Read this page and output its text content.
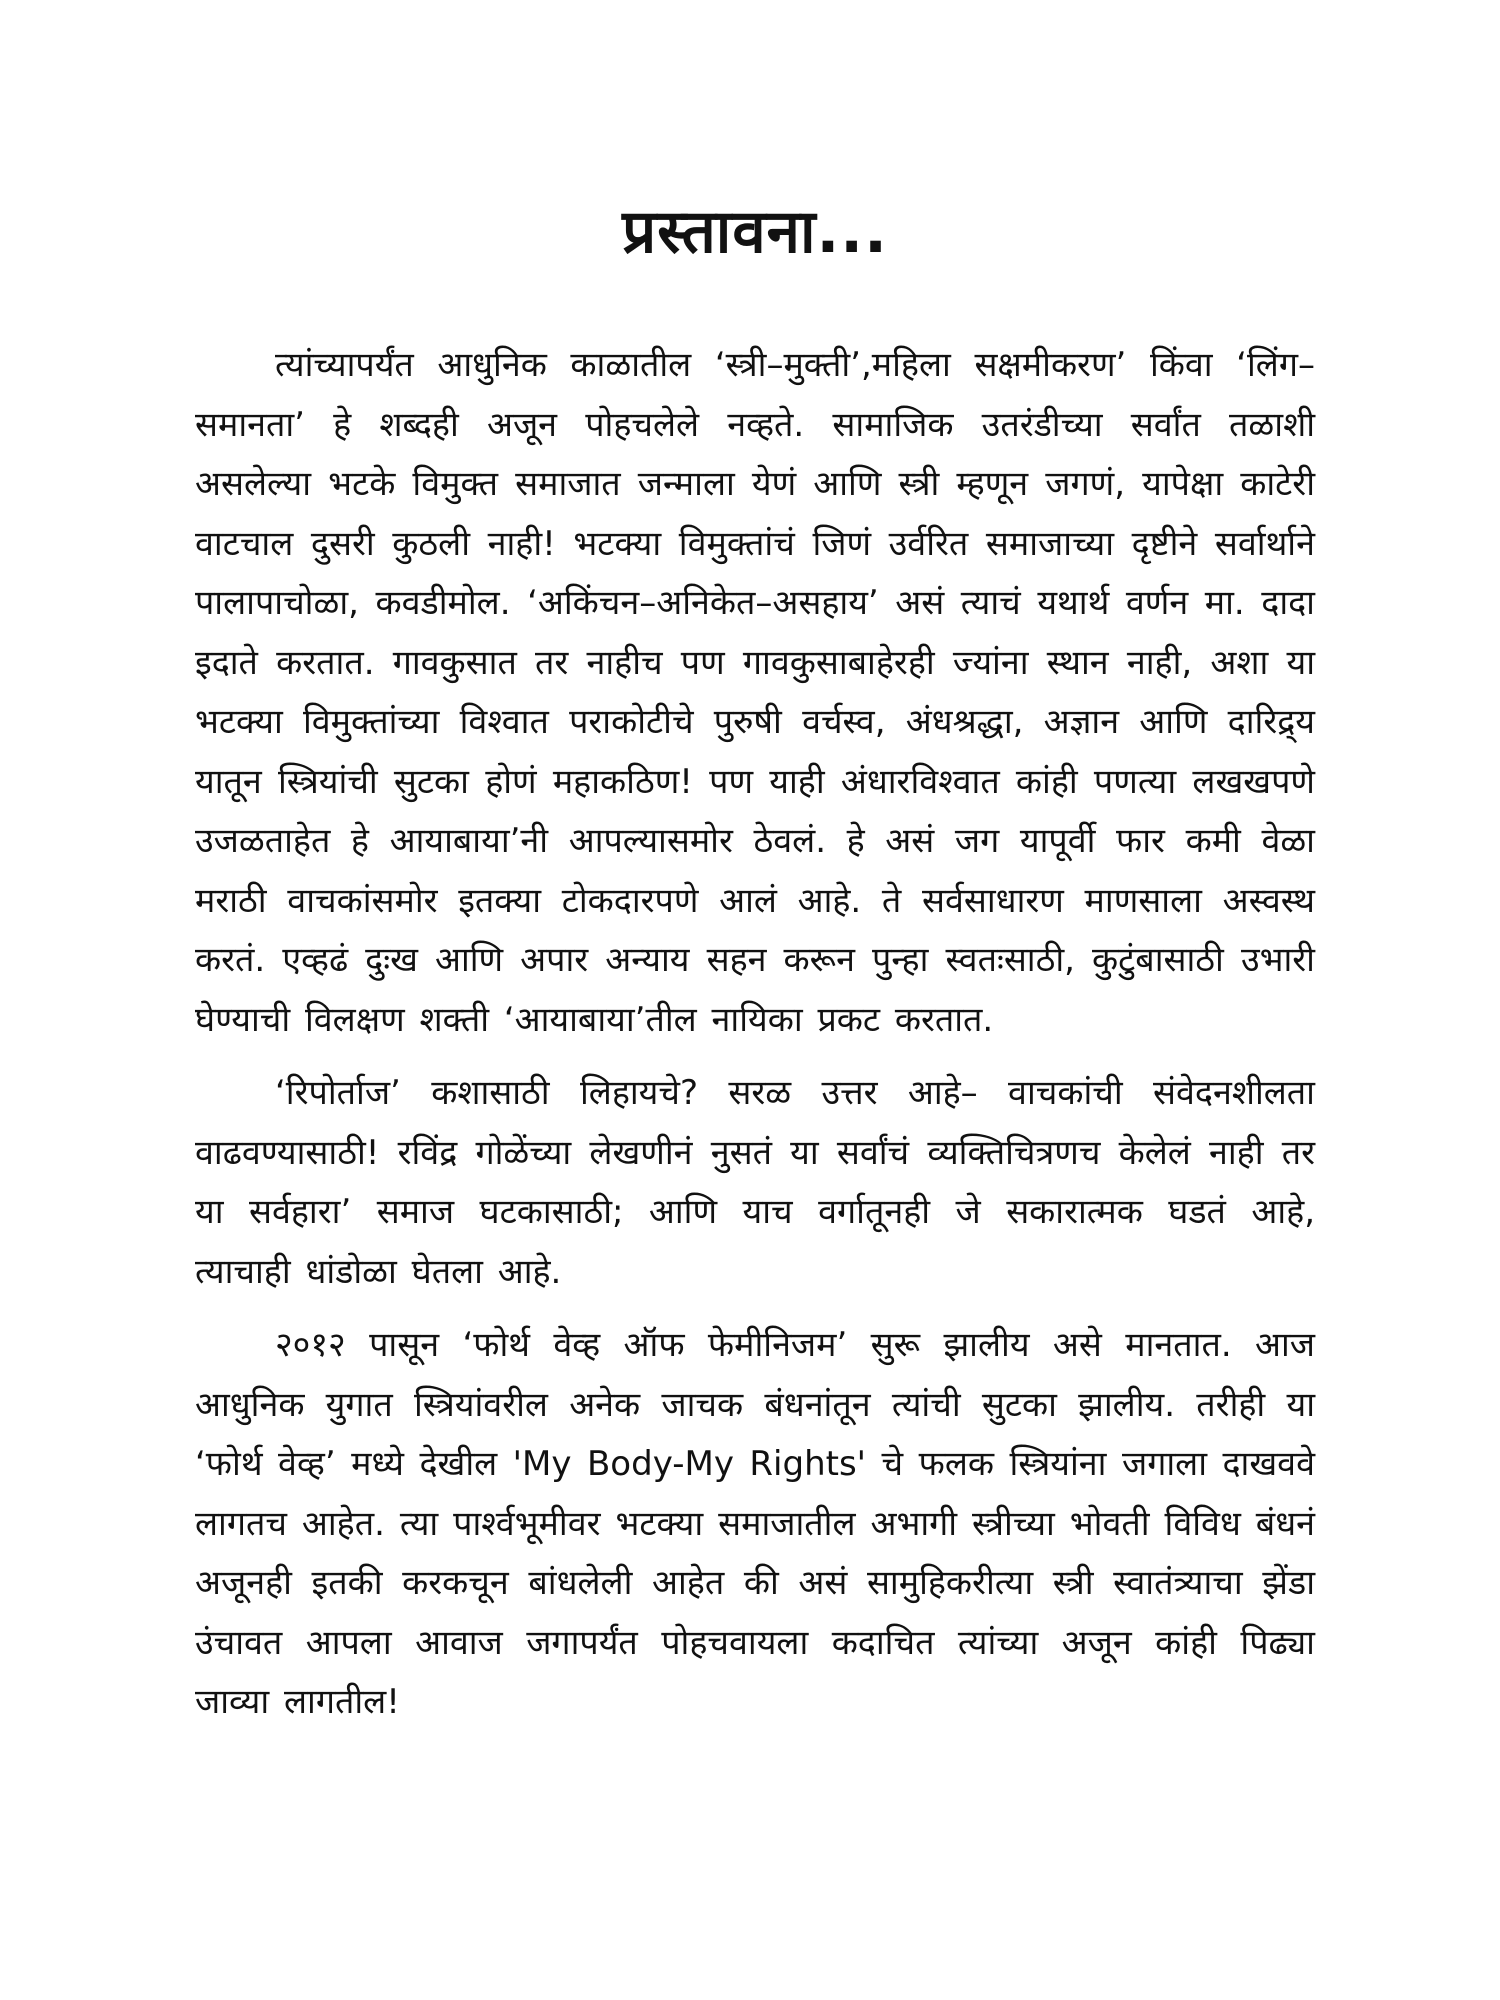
प्रस्तावना...

त्यांच्यापर्यंत आधुनिक काळातील ‘स्त्री–मुक्ती’,महिला सक्षमीकरण’ किंवा ‘लिंग–समानता’ हे शब्दही अजून पोहचलेले नव्हते. सामाजिक उतरंडीच्या सर्वांत तळाशी असलेल्या भटके विमुक्त समाजात जन्माला येणं आणि स्त्री म्हणून जगणं, यापेक्षा काटेरी वाटचाल दुसरी कुठली नाही! भटक्या विमुक्तांचं जिणं उर्वरित समाजाच्या दृष्टीने सर्वार्थाने पालापाचोळा, कवडीमोल. ‘अकिंचन–अनिकेत–असहाय’ असं त्याचं यथार्थ वर्णन मा. दादा इदाते करतात. गावकुसात तर नाहीच पण गावकुसाबाहेरही ज्यांना स्थान नाही, अशा या भटक्या विमुक्तांच्या विश्वात पराकोटीचे पुरुषी वर्चस्व, अंधश्रद्धा, अज्ञान आणि दारिद्र्य यातून स्त्रियांची सुटका होणं महाकठिण! पण याही अंधारविश्वात कांही पणत्या लखखपणे उजळताहेत हे आयाबाया’नी आपल्यासमोर ठेवलं. हे असं जग यापूर्वी फार कमी वेळा मराठी वाचकांसमोर इतक्या टोकदारपणे आलं आहे. ते सर्वसाधारण माणसाला अस्वस्थ करतं. एव्हढं दुःख आणि अपार अन्याय सहन करून पुन्हा स्वतःसाठी, कुटुंबासाठी उभारी घेण्याची विलक्षण शक्ती ‘आयाबाया’तील नायिका प्रकट करतात.

‘रिपोर्ताज’ कशासाठी लिहायचे? सरळ उत्तर आहे– वाचकांची संवेदनशीलता वाढवण्यासाठी! रविंद्र गोळेंच्या लेखणीनं नुसतं या सर्वांचं व्यक्तिचित्रणच केलेलं नाही तर या सर्वहारा’ समाज घटकासाठी; आणि याच वर्गातूनही जे सकारात्मक घडतं आहे, त्याचाही धांडोळा घेतला आहे.

२०१२ पासून ‘फोर्थ वेव्ह ऑफ फेमीनिजम’ सुरू झालीय असे मानतात. आज आधुनिक युगात स्त्रियांवरील अनेक जाचक बंधनांतून त्यांची सुटका झालीय. तरीही या ‘फोर्थ वेव्ह’ मध्ये देखील 'My Body-My Rights' चे फलक स्त्रियांना जगाला दाखववे लागतच आहेत. त्या पार्श्वभूमीवर भटक्या समाजातील अभागी स्त्रीच्या भोवती विविध बंधनं अजूनही इतकी करकचून बांधलेली आहेत की असं सामुहिकरीत्या स्त्री स्वातंत्र्याचा झेंडा उंचावत आपला आवाज जगापर्यंत पोहचवायला कदाचित त्यांच्या अजून कांही पिढ्या जाव्या लागतील!
